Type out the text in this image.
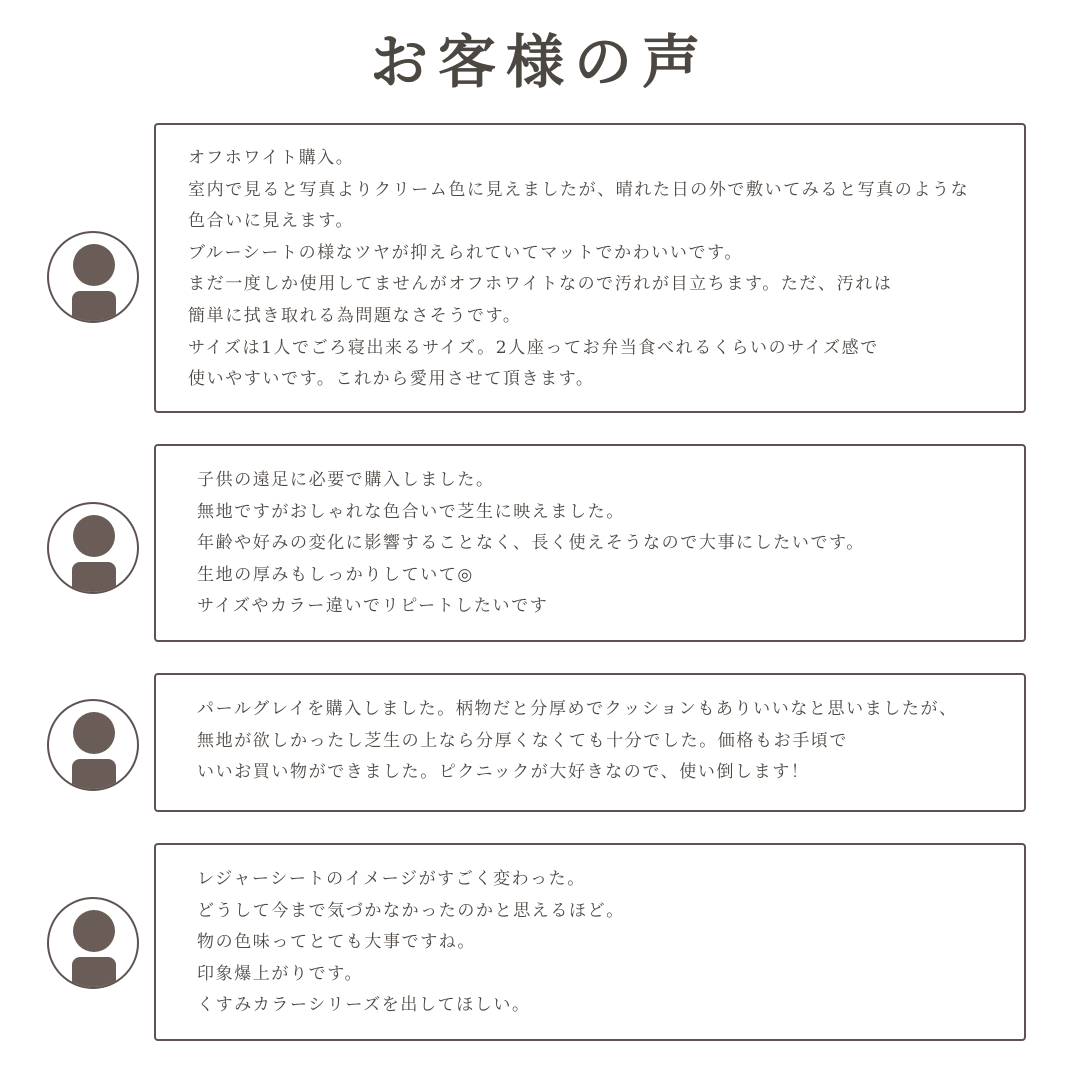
お客様の声
オフホワイト購入。
室内で見ると写真よりクリーム色に見えましたが、晴れた日の外で敷いてみると写真のような
色合いに見えます。
ブルーシートの様なツヤが抑えられていてマットでかわいいです。
まだ一度しか使用してませんがオフホワイトなので汚れが目立ちます。ただ、汚れは
簡単に拭き取れる為問題なさそうです。
サイズは1人でごろ寝出来るサイズ。2人座ってお弁当食べれるくらいのサイズ感で
使いやすいです。これから愛用させて頂きます。
子供の遠足に必要で購入しました。
無地ですがおしゃれな色合いで芝生に映えました。
年齢や好みの変化に影響することなく、長く使えそうなので大事にしたいです。
生地の厚みもしっかりしていて◎
サイズやカラー違いでリピートしたいです
パールグレイを購入しました。柄物だと分厚めでクッションもありいいなと思いましたが、
無地が欲しかったし芝生の上なら分厚くなくても十分でした。価格もお手頃で
いいお買い物ができました。ピクニックが大好きなので、使い倒します！
レジャーシートのイメージがすごく変わった。
どうして今まで気づかなかったのかと思えるほど。
物の色味ってとても大事ですね。
印象爆上がりです。
くすみカラーシリーズを出してほしい。
